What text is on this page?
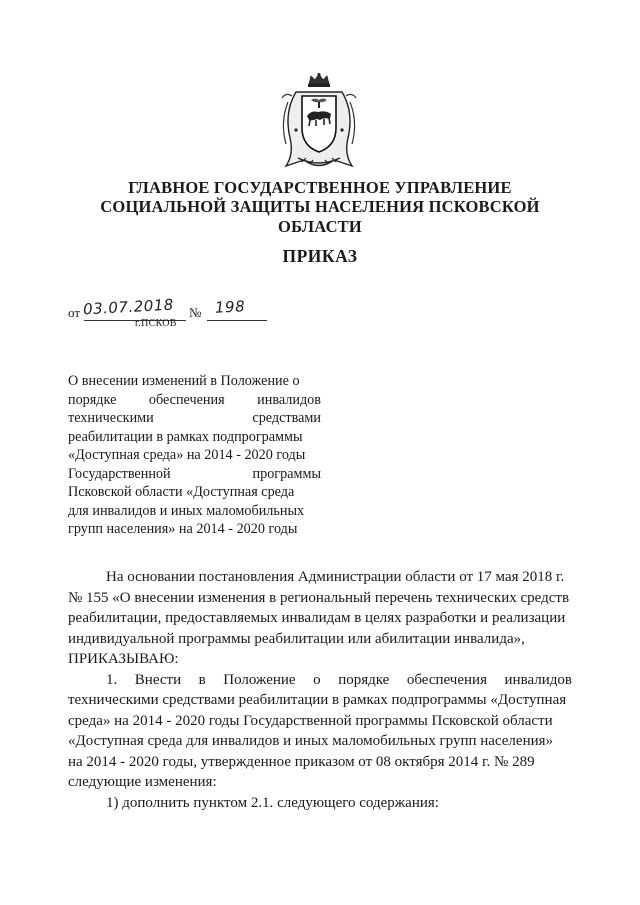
ГЛАВНОЕ ГОСУДАРСТВЕННОЕ УПРАВЛЕНИЕ
СОЦИАЛЬНОЙ ЗАЩИТЫ НАСЕЛЕНИЯ ПСКОВСКОЙ ОБЛАСТИ
ПРИКАЗ
от 03.07.2018 № 198
г.ПСКОВ
О внесении изменений в Положение о
порядке обеспечения инвалидов
техническими	средствами
реабилитации в рамках подпрограммы
«Доступная среда» на 2014 - 2020 годы
Государственной	программы
Псковской области «Доступная среда
для инвалидов и иных маломобильных
групп населения» на 2014 - 2020 годы
На основании постановления Администрации области от 17 мая 2018 г.
№ 155 «О внесении изменения в региональный перечень технических средств
реабилитации, предоставляемых инвалидам в целях разработки и реализации
индивидуальной программы реабилитации или абилитации инвалида»,
ПРИКАЗЫВАЮ:
1. Внести в Положение о порядке обеспечения инвалидов
техническими средствами реабилитации в рамках подпрограммы «Доступная
среда» на 2014 - 2020 годы Государственной программы Псковской области
«Доступная среда для инвалидов и иных маломобильных групп населения»
на 2014 - 2020 годы, утвержденное приказом от 08 октября 2014 г. № 289
следующие изменения:
1) дополнить пунктом 2.1. следующего содержания:
